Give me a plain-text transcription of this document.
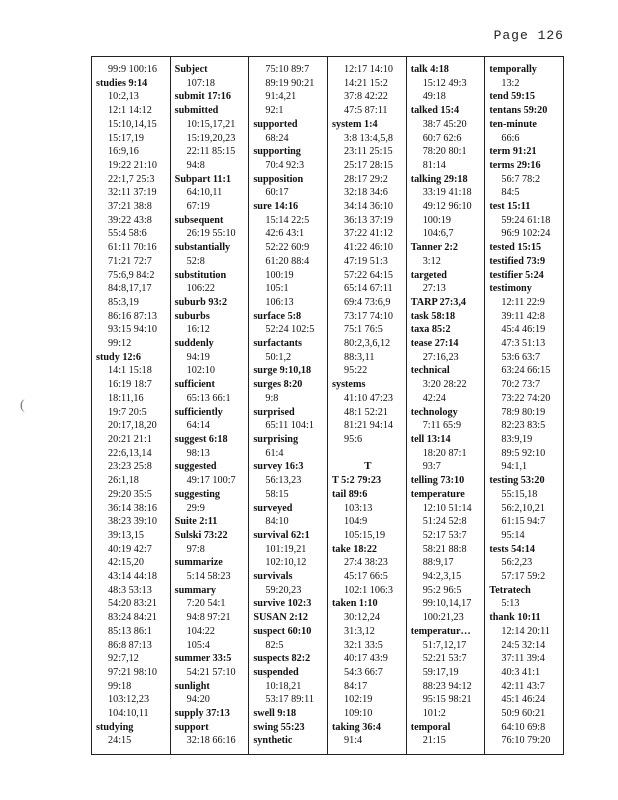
Page 126
(
99:9 100:16
studies 9:14
10:2,13
12:1 14:12
15:10,14,15
15:17,19
16:9,16
19:22 21:10
22:1,7 25:3
32:11 37:19
37:21 38:8
39:22 43:8
55:4 58:6
61:11 70:16
71:21 72:7
75:6,9 84:2
84:8,17,17
85:3,19
86:16 87:13
93:15 94:10
99:12
study 12:6
14:1 15:18
16:19 18:7
18:11,16
19:7 20:5
20:17,18,20
20:21 21:1
22:6,13,14
23:23 25:8
26:1,18
29:20 35:5
36:14 38:16
38:23 39:10
39:13,15
40:19 42:7
42:15,20
43:14 44:18
48:3 53:13
54:20 83:21
83:24 84:21
85:13 86:1
86:8 87:13
92:7,12
97:21 98:10
99:18
103:12,23
104:10,11
studying
24:15
Subject
107:18
submit 17:16
submitted
10:15,17,21
15:19,20,23
22:11 85:15
94:8
Subpart 11:1
64:10,11
67:19
subsequent
26:19 55:10
substantially
52:8
substitution
106:22
suburb 93:2
suburbs
16:12
suddenly
94:19
102:10
sufficient
65:13 66:1
sufficiently
64:14
suggest 6:18
98:13
suggested
49:17 100:7
suggesting
29:9
Suite 2:11
Sulski 73:22
97:8
summarize
5:14 58:23
summary
7:20 54:1
94:8 97:21
104:22
105:4
summer 33:5
54:21 57:10
sunlight
94:20
supply 37:13
support
32:18 66:16
75:10 89:7
89:19 90:21
91:4,21
92:1
supported
68:24
supporting
70:4 92:3
supposition
60:17
sure 14:16
15:14 22:5
42:6 43:1
52:22 60:9
61:20 88:4
100:19
105:1
106:13
surface 5:8
52:24 102:5
surfactants
50:1,2
surge 9:10,18
surges 8:20
9:8
surprised
65:11 104:1
surprising
61:4
survey 16:3
56:13,23
58:15
surveyed
84:10
survival 62:1
101:19,21
102:10,12
survivals
59:20,23
survive 102:3
SUSAN 2:12
suspect 60:10
82:5
suspects 82:2
suspended
10:18,21
53:17 89:11
swell 9:18
swing 55:23
synthetic
12:17 14:10
14:21 15:2
37:8 42:22
47:5 87:11
system 1:4
3:8 13:4,5,8
23:11 25:15
25:17 28:15
28:17 29:2
32:18 34:6
34:14 36:10
36:13 37:19
37:22 41:12
41:22 46:10
47:19 51:3
57:22 64:15
65:14 67:11
69:4 73:6,9
73:17 74:10
75:1 76:5
80:2,3,6,12
88:3,11
95:22
systems
41:10 47:23
48:1 52:21
81:21 94:14
95:6

T
T 5:2 79:23
tail 89:6
103:13
104:9
105:15,19
take 18:22
27:4 38:23
45:17 66:5
102:1 106:3
taken 1:10
30:12,24
31:3,12
32:1 33:5
40:17 43:9
54:3 66:7
84:17
102:19
109:10
taking 36:4
91:4
talk 4:18
15:12 49:3
49:18
talked 15:4
38:7 45:20
60:7 62:6
78:20 80:1
81:14
talking 29:18
33:19 41:18
49:12 96:10
100:19
104:6,7
Tanner 2:2
3:12
targeted
27:13
TARP 27:3,4
task 58:18
taxa 85:2
tease 27:14
27:16,23
technical
3:20 28:22
42:24
technology
7:11 65:9
tell 13:14
18:20 87:1
93:7
telling 73:10
temperature
12:10 51:14
51:24 52:8
52:17 53:7
58:21 88:8
88:9,17
94:2,3,15
95:2 96:5
99:10,14,17
100:21,23
temperatur…
51:7,12,17
52:21 53:7
59:17,19
88:23 94:12
95:15 98:21
101:2
temporal
21:15
temporally
13:2
tend 59:15
tentans 59:20
ten-minute
66:6
term 91:21
terms 29:16
56:7 78:2
84:5
test 15:11
59:24 61:18
96:9 102:24
tested 15:15
testified 73:9
testifier 5:24
testimony
12:11 22:9
39:11 42:8
45:4 46:19
47:3 51:13
53:6 63:7
63:24 66:15
70:2 73:7
73:22 74:20
78:9 80:19
82:23 83:5
83:9,19
89:5 92:10
94:1,1
testing 53:20
55:15,18
56:2,10,21
61:15 94:7
95:14
tests 54:14
56:2,23
57:17 59:2
Tetratech
5:13
thank 10:11
12:14 20:11
24:5 32:14
37:11 39:4
40:3 41:1
42:11 43:7
45:1 46:24
50:9 60:21
64:10 69:8
76:10 79:20
